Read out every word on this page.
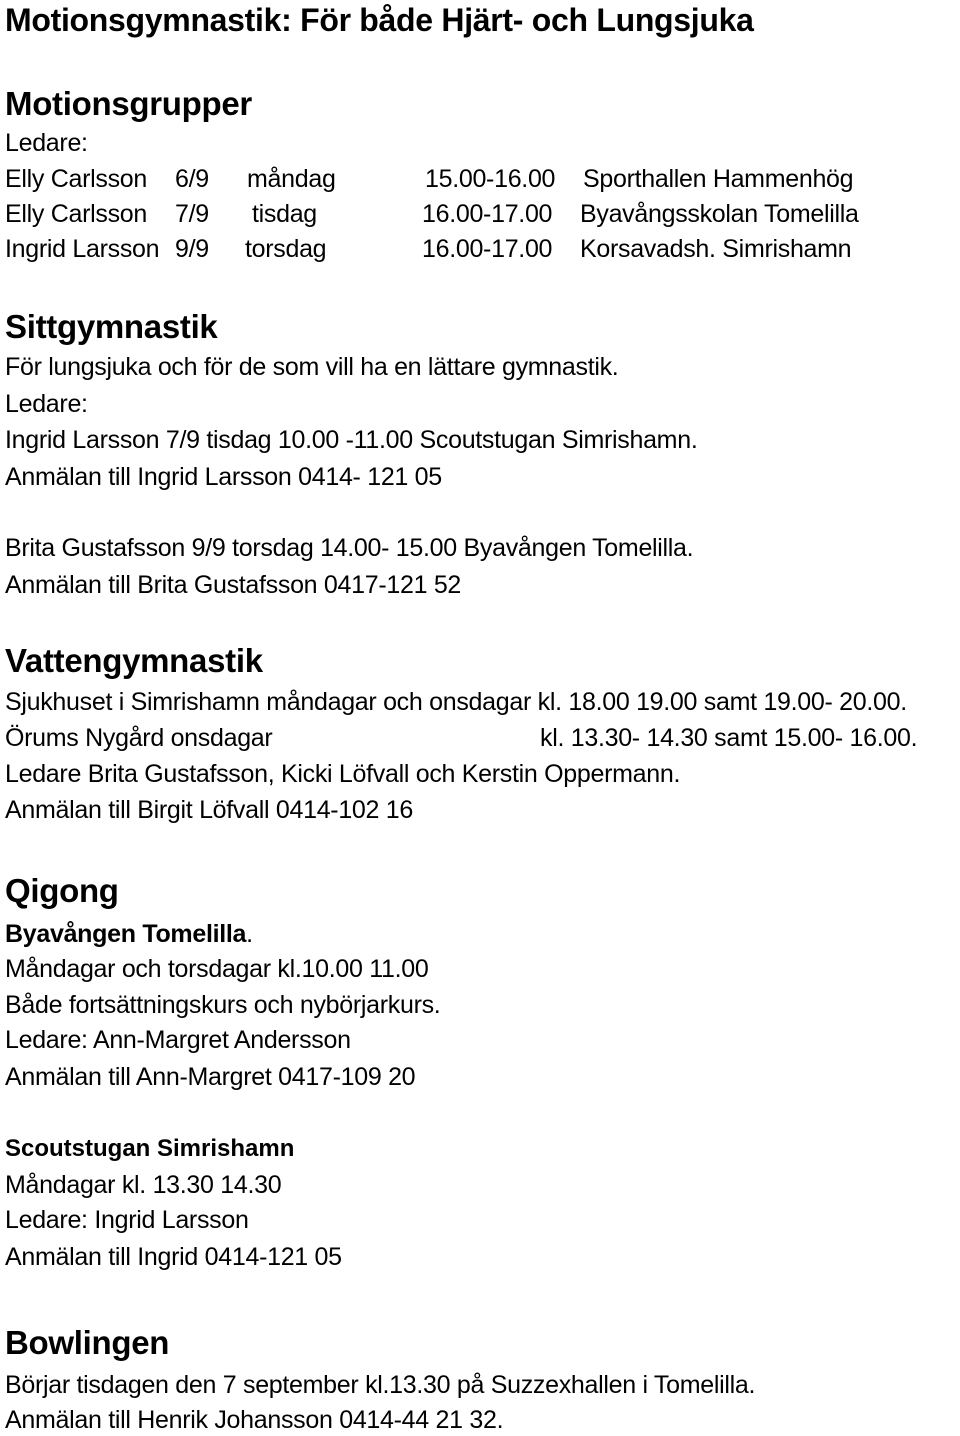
Motionsgymnastik: För både Hjärt- och Lungsjuka
Motionsgrupper
Ledare:
Elly Carlsson 6/9 måndag	15.00-16.00 Sporthallen Hammenhög
Elly Carlsson 7/9 tisdag	16.00-17.00 Byavångsskolan Tomelilla
Ingrid Larsson 9/9 torsdag	16.00-17.00 Korsavadsh. Simrishamn
Sittgymnastik
För lungsjuka och för de som vill ha en lättare gymnastik.
Ledare:
Ingrid Larsson 7/9 tisdag 10.00 -11.00 Scoutstugan Simrishamn.
Anmälan till Ingrid Larsson 0414- 121 05
Brita Gustafsson 9/9 torsdag 14.00- 15.00 Byavången Tomelilla.
Anmälan till Brita Gustafsson 0417-121 52
Vattengymnastik
Sjukhuset i Simrishamn måndagar och onsdagar kl. 18.00 19.00 samt 19.00- 20.00.
Örums Nygård onsdagar	kl. 13.30- 14.30 samt 15.00- 16.00.
Ledare Brita Gustafsson, Kicki Löfvall och Kerstin Oppermann.
Anmälan till Birgit Löfvall 0414-102 16
Qigong
Byavången Tomelilla.
Måndagar och torsdagar kl.10.00 11.00
Både fortsättningskurs och nybörjarkurs.
Ledare: Ann-Margret Andersson
Anmälan till Ann-Margret 0417-109 20
Scoutstugan Simrishamn
Måndagar kl. 13.30 14.30
Ledare: Ingrid Larsson
Anmälan till Ingrid 0414-121 05
Bowlingen
Börjar tisdagen den 7 september kl.13.30 på Suzzexhallen i Tomelilla.
Anmälan till Henrik Johansson 0414-44 21 32.
